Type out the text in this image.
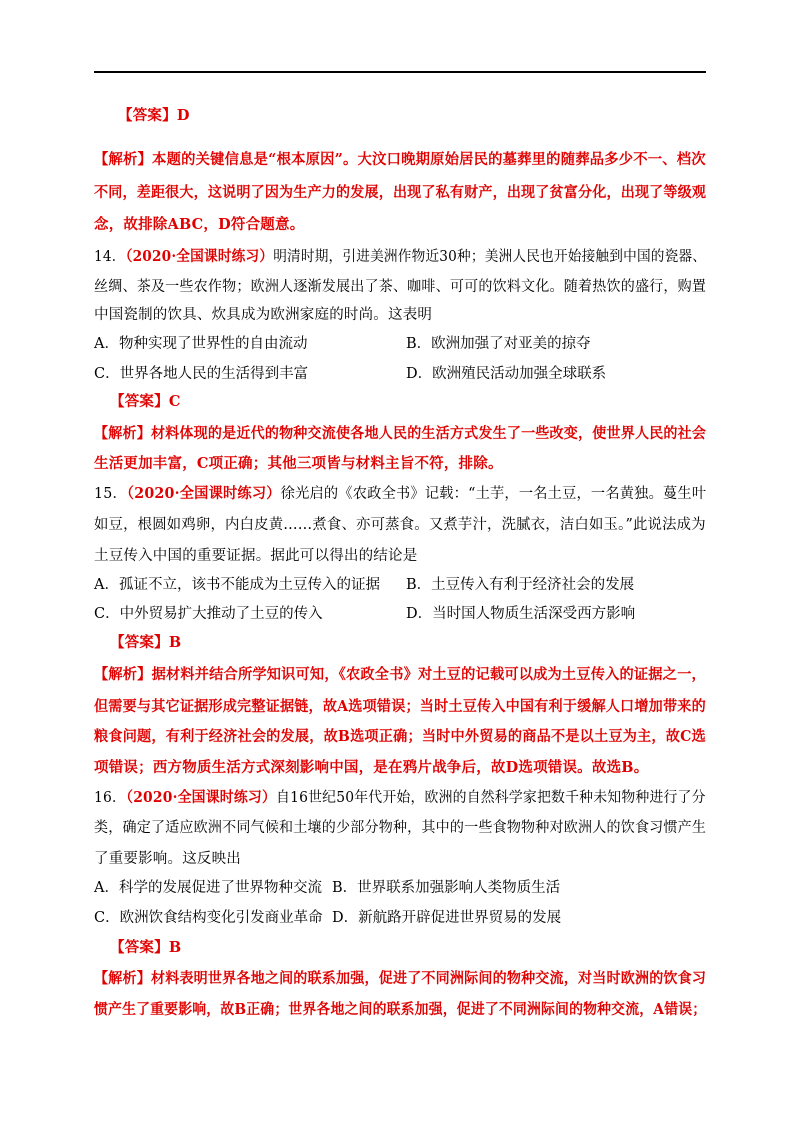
【答案】D
【解析】本题的关键信息是“根本原因”。大汶口晚期原始居民的墓葬里的随葬品多少不一、档次
不同，差距很大，这说明了因为生产力的发展，出现了私有财产，出现了贫富分化，出现了等级观
念，故排除ABC，D符合题意。
14．（2020·全国课时练习）明清时期，引进美洲作物近30种；美洲人民也开始接触到中国的瓷器、
丝绸、茶及一些农作物；欧洲人逐渐发展出了茶、咖啡、可可的饮料文化。随着热饮的盛行，购置
中国瓷制的饮具、炊具成为欧洲家庭的时尚。这表明
A．物种实现了世界性的自由流动	B．欧洲加强了对亚美的掠夺
C．世界各地人民的生活得到丰富	D．欧洲殖民活动加强全球联系
【答案】C
【解析】材料体现的是近代的物种交流使各地人民的生活方式发生了一些改变，使世界人民的社会
生活更加丰富，C项正确；其他三项皆与材料主旨不符，排除。
15．（2020·全国课时练习）徐光启的《农政全书》记载：“土芋，一名土豆，一名黄独。蔓生叶
如豆，根圆如鸡卵，内白皮黄……煮食、亦可蒸食。又煮芋汁，洗腻衣，洁白如玉。”此说法成为
土豆传入中国的重要证据。据此可以得出的结论是
A．孤证不立，该书不能成为土豆传入的证据 B．土豆传入有利于经济社会的发展
C．中外贸易扩大推动了土豆的传入	D．当时国人物质生活深受西方影响
【答案】B
【解析】据材料并结合所学知识可知，《农政全书》对土豆的记载可以成为土豆传入的证据之一，
但需要与其它证据形成完整证据链，故A选项错误；当时土豆传入中国有利于缓解人口增加带来的
粮食问题，有利于经济社会的发展，故B选项正确；当时中外贸易的商品不是以土豆为主，故C选
项错误；西方物质生活方式深刻影响中国，是在鸦片战争后，故D选项错误。故选B。
16．（2020·全国课时练习）自16世纪50年代开始，欧洲的自然科学家把数千种未知物种进行了分
类，确定了适应欧洲不同气候和土壤的少部分物种，其中的一些食物物种对欧洲人的饮食习惯产生
了重要影响。这反映出
A．科学的发展促进了世界物种交流 B．世界联系加强影响人类物质生活
C．欧洲饮食结构变化引发商业革命 D．新航路开辟促进世界贸易的发展
【答案】B
【解析】材料表明世界各地之间的联系加强，促进了不同洲际间的物种交流，对当时欧洲的饮食习
惯产生了重要影响，故B正确；世界各地之间的联系加强，促进了不同洲际间的物种交流，A错误；
